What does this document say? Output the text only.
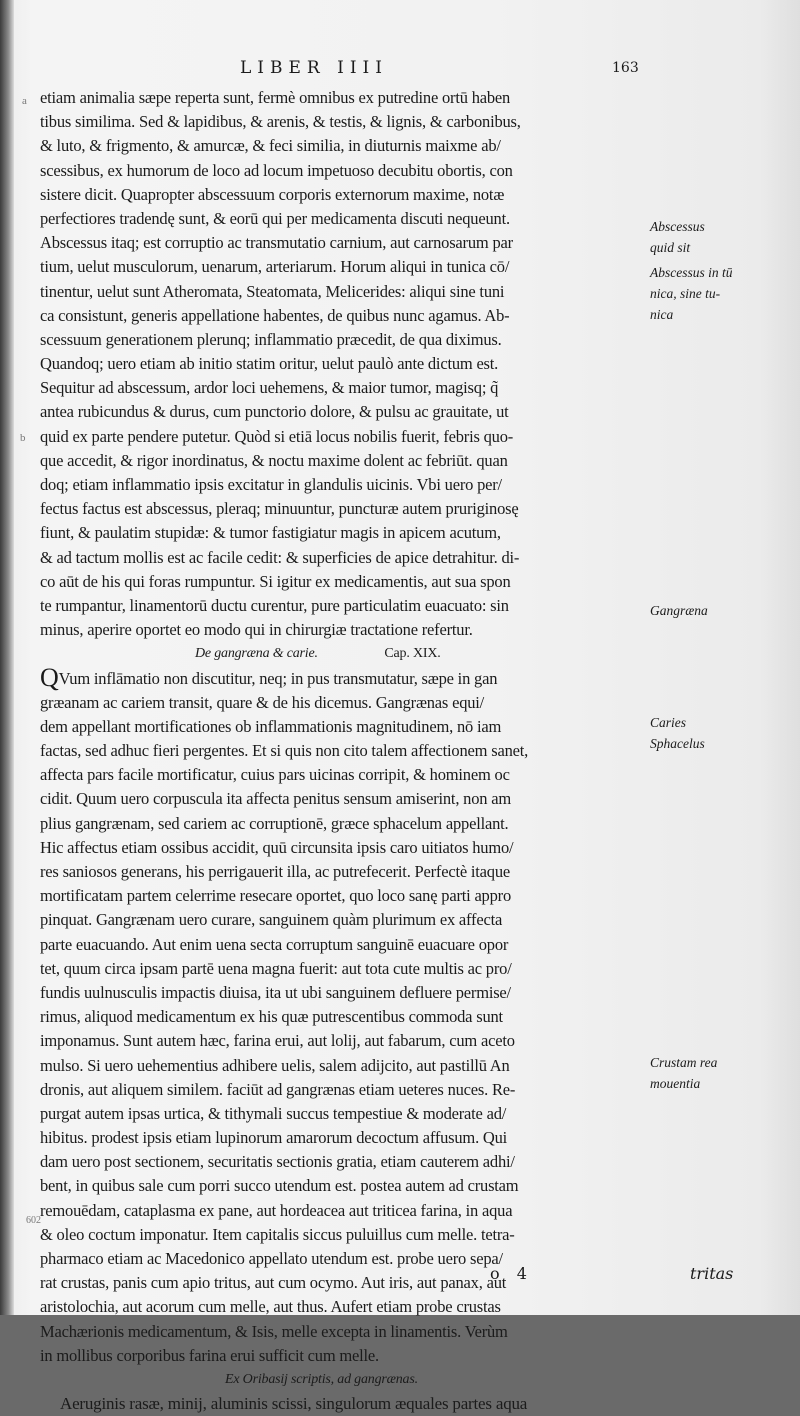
LIBER IIII	163
a
b
602
etiam animalia sæpe reperta sunt, fermè omnibus ex putredine ortū haben
tibus similima. Sed & lapidibus, & arenis, & testis, & lignis, & carbonibus,
& luto, & frigmento, & amurcæ, & feci similia, in diuturnis maixme ab/
scessibus, ex humorum de loco ad locum impetuoso decubitu obortis, con
sistere dicit. Quapropter abscessuum corporis externorum maxime, notæ
perfectiores tradendę sunt, & eorū qui per medicamenta discuti nequeunt.
Abscessus itaq; est corruptio ac transmutatio carnium, aut carnosarum par
tium, uelut musculorum, uenarum, arteriarum. Horum aliqui in tunica cō/
tinentur, uelut sunt Atheromata, Steatomata, Melicerides: aliqui sine tuni
ca consistunt, generis appellatione habentes, de quibus nunc agamus. Ab-
scessuum generationem plerunq; inflammatio præcedit, de qua diximus.
Quandoq; uero etiam ab initio statim oritur, uelut paulò ante dictum est.
Sequitur ad abscessum, ardor loci uehemens, & maior tumor, magisq; q̃
antea rubicundus & durus, cum punctorio dolore, & pulsu ac grauitate, ut
quid ex parte pendere putetur. Quòd si etiā locus nobilis fuerit, febris quo-
que accedit, & rigor inordinatus, & noctu maxime dolent ac febriūt. quan
doq; etiam inflammatio ipsis excitatur in glandulis uicinis. Vbi uero per/
fectus factus est abscessus, pleraq; minuuntur, puncturæ autem pruriginosę
fiunt, & paulatim stupidæ: & tumor fastigiatur magis in apicem acutum,
& ad tactum mollis est ac facile cedit: & superficies de apice detrahitur. di-
co aūt de his qui foras rumpuntur. Si igitur ex medicamentis, aut sua spon
te rumpantur, linamentorū ductu curentur, pure particulatim euacuato: sin
minus, aperire oportet eo modo qui in chirurgiæ tractatione refertur.
De gangræna & carie.	Cap. XIX.
QVum inflāmatio non discutitur, neq; in pus transmutatur, sæpe in gan
græanam ac cariem transit, quare & de his dicemus. Gangrænas equi/
dem appellant mortificationes ob inflammationis magnitudinem, nō iam
factas, sed adhuc fieri pergentes. Et si quis non cito talem affectionem sanet,
affecta pars facile mortificatur, cuius pars uicinas corripit, & hominem oc
cidit. Quum uero corpuscula ita affecta penitus sensum amiserint, non am
plius gangrænam, sed cariem ac corruptionē, græce sphacelum appellant.
Hic affectus etiam ossibus accidit, quū circunsita ipsis caro uitiatos humo/
res saniosos generans, his perrigauerit illa, ac putrefecerit. Perfectè itaque
mortificatam partem celerrime resecare oportet, quo loco sanę parti appro
pinquat. Gangrænam uero curare, sanguinem quàm plurimum ex affecta
parte euacuando. Aut enim uena secta corruptum sanguinē euacuare opor
tet, quum circa ipsam partē uena magna fuerit: aut tota cute multis ac pro/
fundis uulnusculis impactis diuisa, ita ut ubi sanguinem defluere permise/
rimus, aliquod medicamentum ex his quæ putrescentibus commoda sunt
imponamus. Sunt autem hæc, farina erui, aut lolij, aut fabarum, cum aceto
mulso. Si uero uehementius adhibere uelis, salem adijcito, aut pastillū An
dronis, aut aliquem similem. faciūt ad gangrænas etiam ueteres nuces. Re-
purgat autem ipsas urtica, & tithymali succus tempestiue & moderate ad/
hibitus. prodest ipsis etiam lupinorum amarorum decoctum affusum. Qui
dam uero post sectionem, securitatis sectionis gratia, etiam cauterem adhi/
bent, in quibus sale cum porri succo utendum est. postea autem ad crustam
remouēdam, cataplasma ex pane, aut hordeacea aut triticea farina, in aqua
& oleo coctum imponatur. Item capitalis siccus puluillus cum melle. tetra-
pharmaco etiam ac Macedonico appellato utendum est. probe uero sepa/
rat crustas, panis cum apio tritus, aut cum ocymo. Aut iris, aut panax, aut
aristolochia, aut acorum cum melle, aut thus. Aufert etiam probe crustas
Machærionis medicamentum, & Isis, melle excepta in linamentis. Verùm
in mollibus corporibus farina erui sufficit cum melle.
Ex Oribasij scriptis, ad gangrænas.
Aeruginis rasæ, minij, aluminis scissi, singulorum æquales partes aqua
Abscessus
quid sit
Abscessus in tū
nica, sine tu-
nica
Gangræna
Caries
Sphacelus
Crustam rea
mouentia
o 4	tritas
